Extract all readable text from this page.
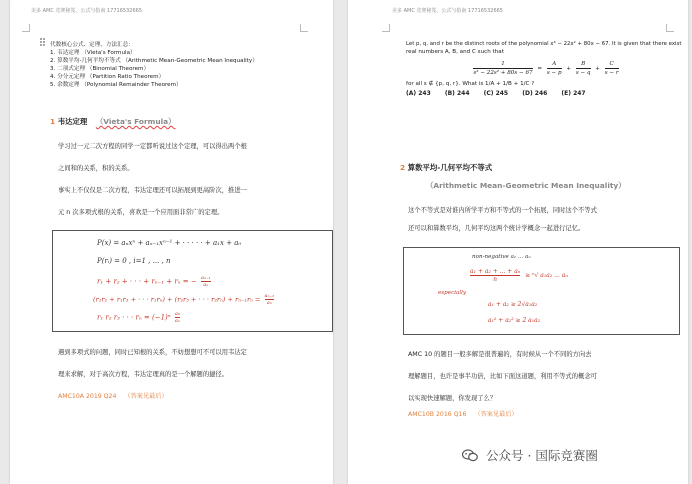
美多 AMC 竞赛秘笈，公式与指南 17716532665
代数核心公式、定理、方法汇总：
1. 韦达定理 （Vieta's Formula）
2. 算数平均-几何平均不等式 （Arithmetic Mean-Geometric Mean Inequality）
3. 二项式定理 （Binomial Theorem）
4. 分分元定理 （Partition Ratio Theorem）
5. 余数定理 （Polynomial Remainder Theorem）
1 韦达定理 （Vieta's Formula）
学习过一元二次方程的同学一定都听说过这个定理，可以得出两个根
之间和的关系，积的关系。
事实上不仅仅是二次方程，韦达定理还可以拓展到更高阶次，推进一
元 n 次多项式根的关系，喜欢是一个应用面非常广的定理。
P(x) = aₙxⁿ + aₙ₋₁xⁿ⁻¹ + · · · · · + a₁x + a₀
P(rᵢ) = 0 , i=1 , ... , n
r₁ + r₂ + · · · + rₙ₋₁ + rₙ = − $\frac{\text{aₙ₋₁}}{\text{aₙ}}$
(r₁r₂ + r₁r₃ + · · · r₁rₙ) + (r₂r₃ + · · · $r_2r_n) + r_{n-1}r_n = \frac{\text{aₙ₋₂}}{\text{aₙ}}$
r₁ r₂ r₃ · · · $r_n = (-1)^n \frac{\text{a₀}}{\text{aₙ}}$
遇到多项式的问题，同时已知根的关系，不妨想想可不可以用韦达定
理来求解，对于高次方程，韦达定理真的是一个解题的捷径。
AMC10A 2019 Q24 （答案见最后）
美多 AMC 竞赛秘笈，公式与指南 17716532665
Let p, q, and r be the distinct roots of the polynomial x³ − 22x² + 80x − 67. It is given that there exist
real numbers A, B, and C such that
$\frac{1}{\text{s³ − 22s² + 80s − 67}} = \frac{A}{s - p} + \frac{B}{s - q} + \frac{C}{s - r}$
for all s ∉ {p, q, r}. What is 1/A + 1/B + 1/C ?
(A) 243 (B) 244 (C) 245 (D) 246 (E) 247
2 算数平均-几何平均不等式
（Arithmetic Mean-Geometric Mean Inequality）
这个不等式是对谁内所学平方和不等式的一个拓展，同时这个不等式
还可以和算数平均，几何平均这两个统计学概念一起进行记忆。
non-negative a₁ ... aₙ
$\frac{\text{a₁ + a₂ + ... + aₙ}}{n} \ge ^n√$ a₁a₂ ... aₙ
especially
a₁ + a₂ ≥ 2√a₁a₂
a₁² + a₂² ≥ 2 a₁a₂
AMC 10 的题目一般多解是很普遍的，有时候从一个不同的方向去
理解题目，也许是事半功倍，比如下面这道题，利用不等式的概念可
以实现快速解题，你发现了么？
AMC10B 2016 Q16 （答案见最后）
公众号 · 国际竞赛圈
